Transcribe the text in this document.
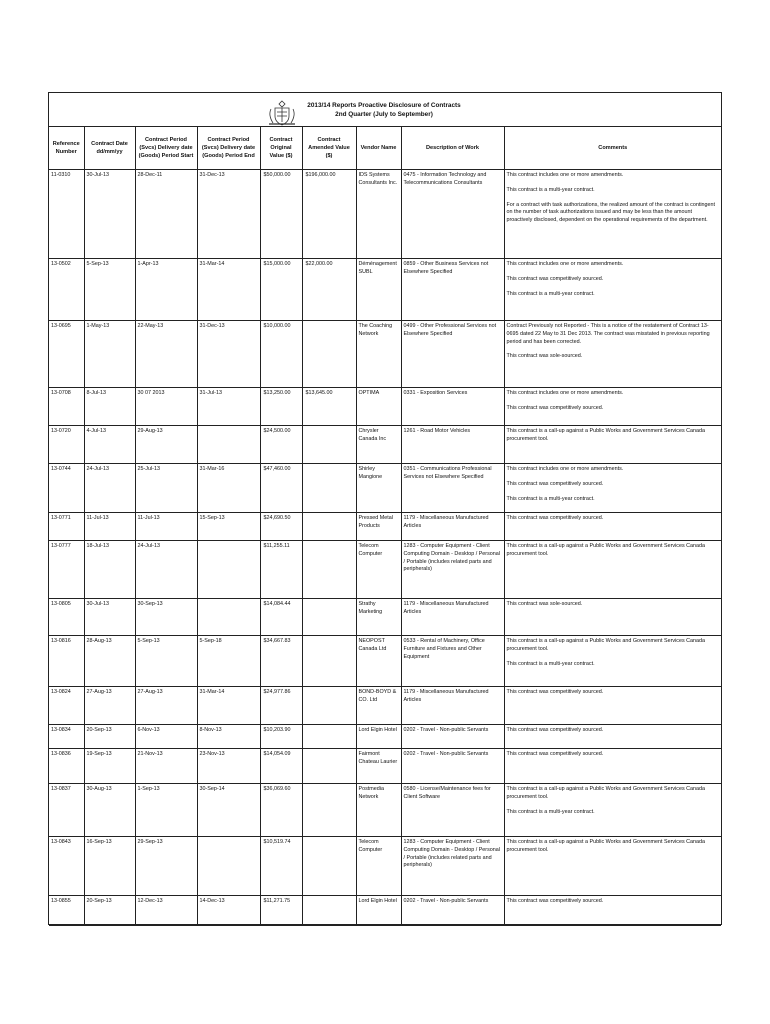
2013/14 Reports Proactive Disclosure of Contracts
2nd Quarter (July to September)
Reference Number	Contract Date dd/mm/yy	Contract Period (Svcs) Delivery date (Goods) Period Start	Contract Period (Svcs) Delivery date (Goods) Period End	Contract Original Value ($)	Contract Amended Value ($)	Vendor Name	Description of Work	Comments
11-0310	30-Jul-13	28-Dec-11	31-Dec-13	$50,000.00	$196,000.00	IDS Systems Consultants Inc.	0475 - Information Technology and Telecommunications Consultants	This contract includes one or more amendments.
This contract is a multi-year contract.
For a contract with task authorizations, the realized amount of the contract is contingent on the number of task authorizations issued and may be less than the amount proactively disclosed, dependent on the operational requirements of the department.

13-0502	5-Sep-13	1-Apr-13	31-Mar-14	$15,000.00	$22,000.00	Déménagement SUBL	0859 - Other Business Services not Elsewhere Specified	This contract includes one or more amendments.
This contract was competitively sourced.
This contract is a multi-year contract.

13-0695	1-May-13	22-May-13	31-Dec-13	$10,000.00		The Coaching Network	0499 - Other Professional Services not Elsewhere Specified	Contract Previously not Reported - This is a notice of the restatement of Contract 13-0695 dated 22 May to 31 Dec 2013. The contract was misstated in previous reporting period and has been corrected.
This contract was sole-sourced.

13-0708	8-Jul-13	30 07 2013	31-Jul-13	$13,250.00	$13,645.00	OPTIMA	0331 - Exposition Services	This contract includes one or more amendments.
This contract was competitively sourced.

13-0720	4-Jul-13	29-Aug-13		$24,500.00		Chrysler Canada Inc	1261 - Road Motor Vehicles	This contract is a call-up against a Public Works and Government Services Canada procurement tool.

13-0744	24-Jul-13	25-Jul-13	31-Mar-16	$47,460.00		Shirley Mangione	0351 - Communications Professional Services not Elsewhere Specified	This contract includes one or more amendments.
This contract was competitively sourced.
This contract is a multi-year contract.

13-0771	11-Jul-13	11-Jul-13	15-Sep-13	$24,690.50		Pressed Metal Products	1179 - Miscellaneous Manufactured Articles	This contract was competitively sourced.

13-0777	18-Jul-13	24-Jul-13		$11,255.11		Telecom Computer	1283 - Computer Equipment - Client Computing Domain - Desktop / Personal / Portable (includes related parts and peripherals)	This contract is a call-up against a Public Works and Government Services Canada procurement tool.

13-0805	30-Jul-13	30-Sep-13		$14,084.44		Strathy Marketing	1179 - Miscellaneous Manufactured Articles	This contract was sole-sourced.

13-0816	28-Aug-13	5-Sep-13	5-Sep-18	$34,667.83		NEOPOST Canada Ltd	0533 - Rental of Machinery, Office Furniture and Fixtures and Other Equipment	This contract is a call-up against a Public Works and Government Services Canada procurement tool.
This contract is a multi-year contract.

13-0824	27-Aug-13	27-Aug-13	31-Mar-14	$24,977.86		BOND-BOYD & CO. Ltd	1179 - Miscellaneous Manufactured Articles	This contract was competitively sourced.

13-0834	20-Sep-13	6-Nov-13	8-Nov-13	$10,203.90		Lord Elgin Hotel	0202 - Travel - Non-public Servants	This contract was competitively sourced.

13-0836	19-Sep-13	21-Nov-13	23-Nov-13	$14,054.09		Fairmont Chateau Laurier	0202 - Travel - Non-public Servants	This contract was competitively sourced.

13-0837	30-Aug-13	1-Sep-13	30-Sep-14	$36,069.60		Postmedia Network	0580 - License/Maintenance fees for Client Software	This contract is a call-up against a Public Works and Government Services Canada procurement tool.
This contract is a multi-year contract.

13-0843	16-Sep-13	29-Sep-13		$10,519.74		Telecom Computer	1283 - Computer Equipment - Client Computing Domain - Desktop / Personal / Portable (includes related parts and peripherals)	This contract is a call-up against a Public Works and Government Services Canada procurement tool.

13-0855	20-Sep-13	12-Dec-13	14-Dec-13	$11,271.75		Lord Elgin Hotel	0202 - Travel - Non-public Servants	This contract was competitively sourced.
